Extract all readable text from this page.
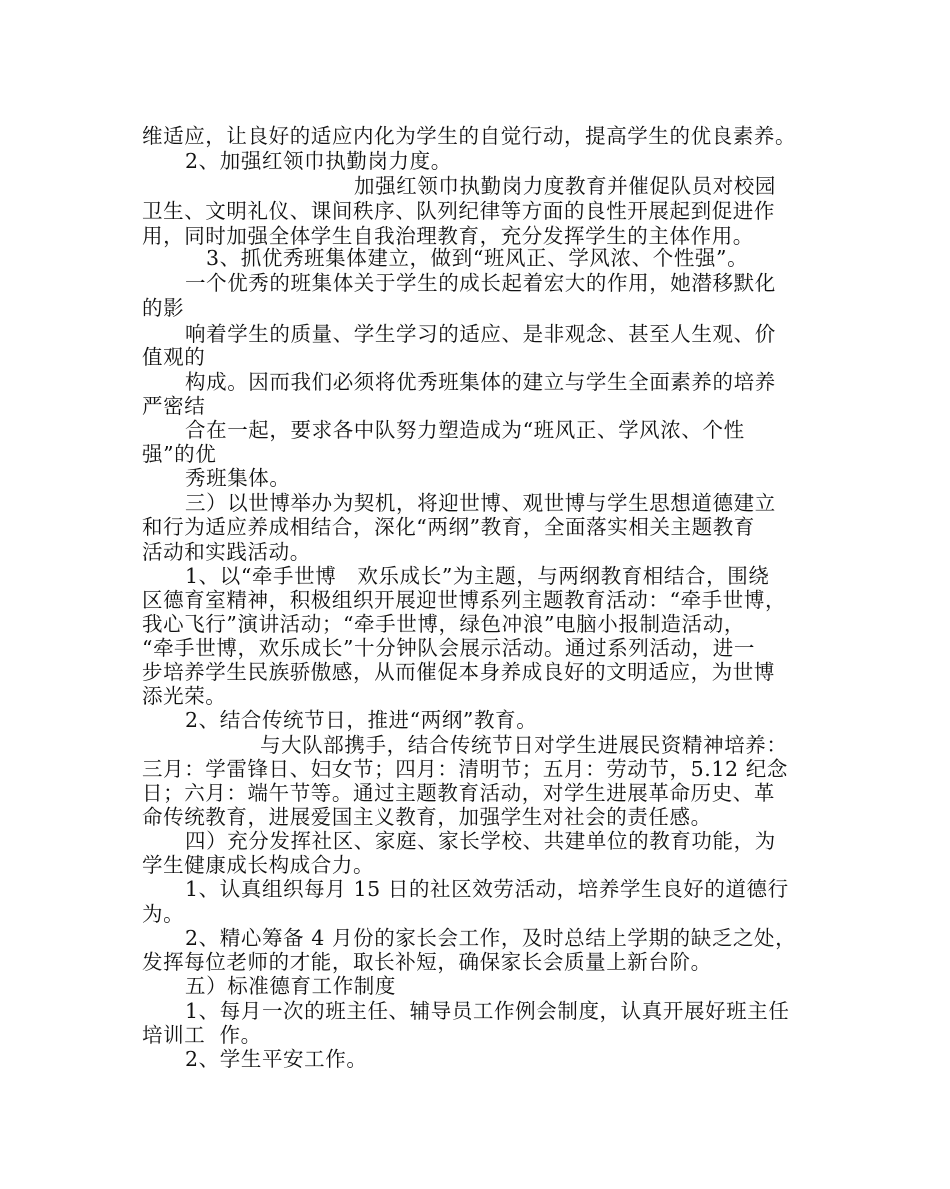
维适应，让良好的适应内化为学生的自觉行动，提高学生的优良素养。

2、加强红领巾执勤岗力度。

加强红领巾执勤岗力度教育并催促队员对校园

卫生、文明礼仪、课间秩序、队列纪律等方面的良性开展起到促进作

用，同时加强全体学生自我治理教育，充分发挥学生的主体作用。

3、抓优秀班集体建立，做到“班风正、学风浓、个性强”。

一个优秀的班集体关于学生的成长起着宏大的作用，她潜移默化

的影

响着学生的质量、学生学习的适应、是非观念、甚至人生观、价

值观的

构成。因而我们必须将优秀班集体的建立与学生全面素养的培养

严密结

合在一起，要求各中队努力塑造成为“班风正、学风浓、个性

强”的优

秀班集体。

三）以世博举办为契机，将迎世博、观世博与学生思想道德建立

和行为适应养成相结合，深化“两纲”教育，全面落实相关主题教育

活动和实践活动。

1、以“牵手世博　欢乐成长”为主题，与两纲教育相结合，围绕

区德育室精神，积极组织开展迎世博系列主题教育活动：“牵手世博，

我心飞行”演讲活动；“牵手世博，绿色冲浪”电脑小报制造活动，

“牵手世博，欢乐成长”十分钟队会展示活动。通过系列活动，进一

步培养学生民族骄傲感，从而催促本身养成良好的文明适应，为世博

添光荣。

2、结合传统节日，推进“两纲”教育。

与大队部携手，结合传统节日对学生进展民资精神培养：

三月：学雷锋日、妇女节；四月：清明节；五月：劳动节，5.12 纪念

日；六月：端午节等。通过主题教育活动，对学生进展革命历史、革

命传统教育，进展爱国主义教育，加强学生对社会的责任感。

四）充分发挥社区、家庭、家长学校、共建单位的教育功能，为

学生健康成长构成合力。

1、认真组织每月 15 日的社区效劳活动，培养学生良好的道德行

为。

2、精心筹备 4 月份的家长会工作，及时总结上学期的缺乏之处，

发挥每位老师的才能，取长补短，确保家长会质量上新台阶。

五）标准德育工作制度

1、每月一次的班主任、辅导员工作例会制度，认真开展好班主任

培训工  作。

2、学生平安工作。
